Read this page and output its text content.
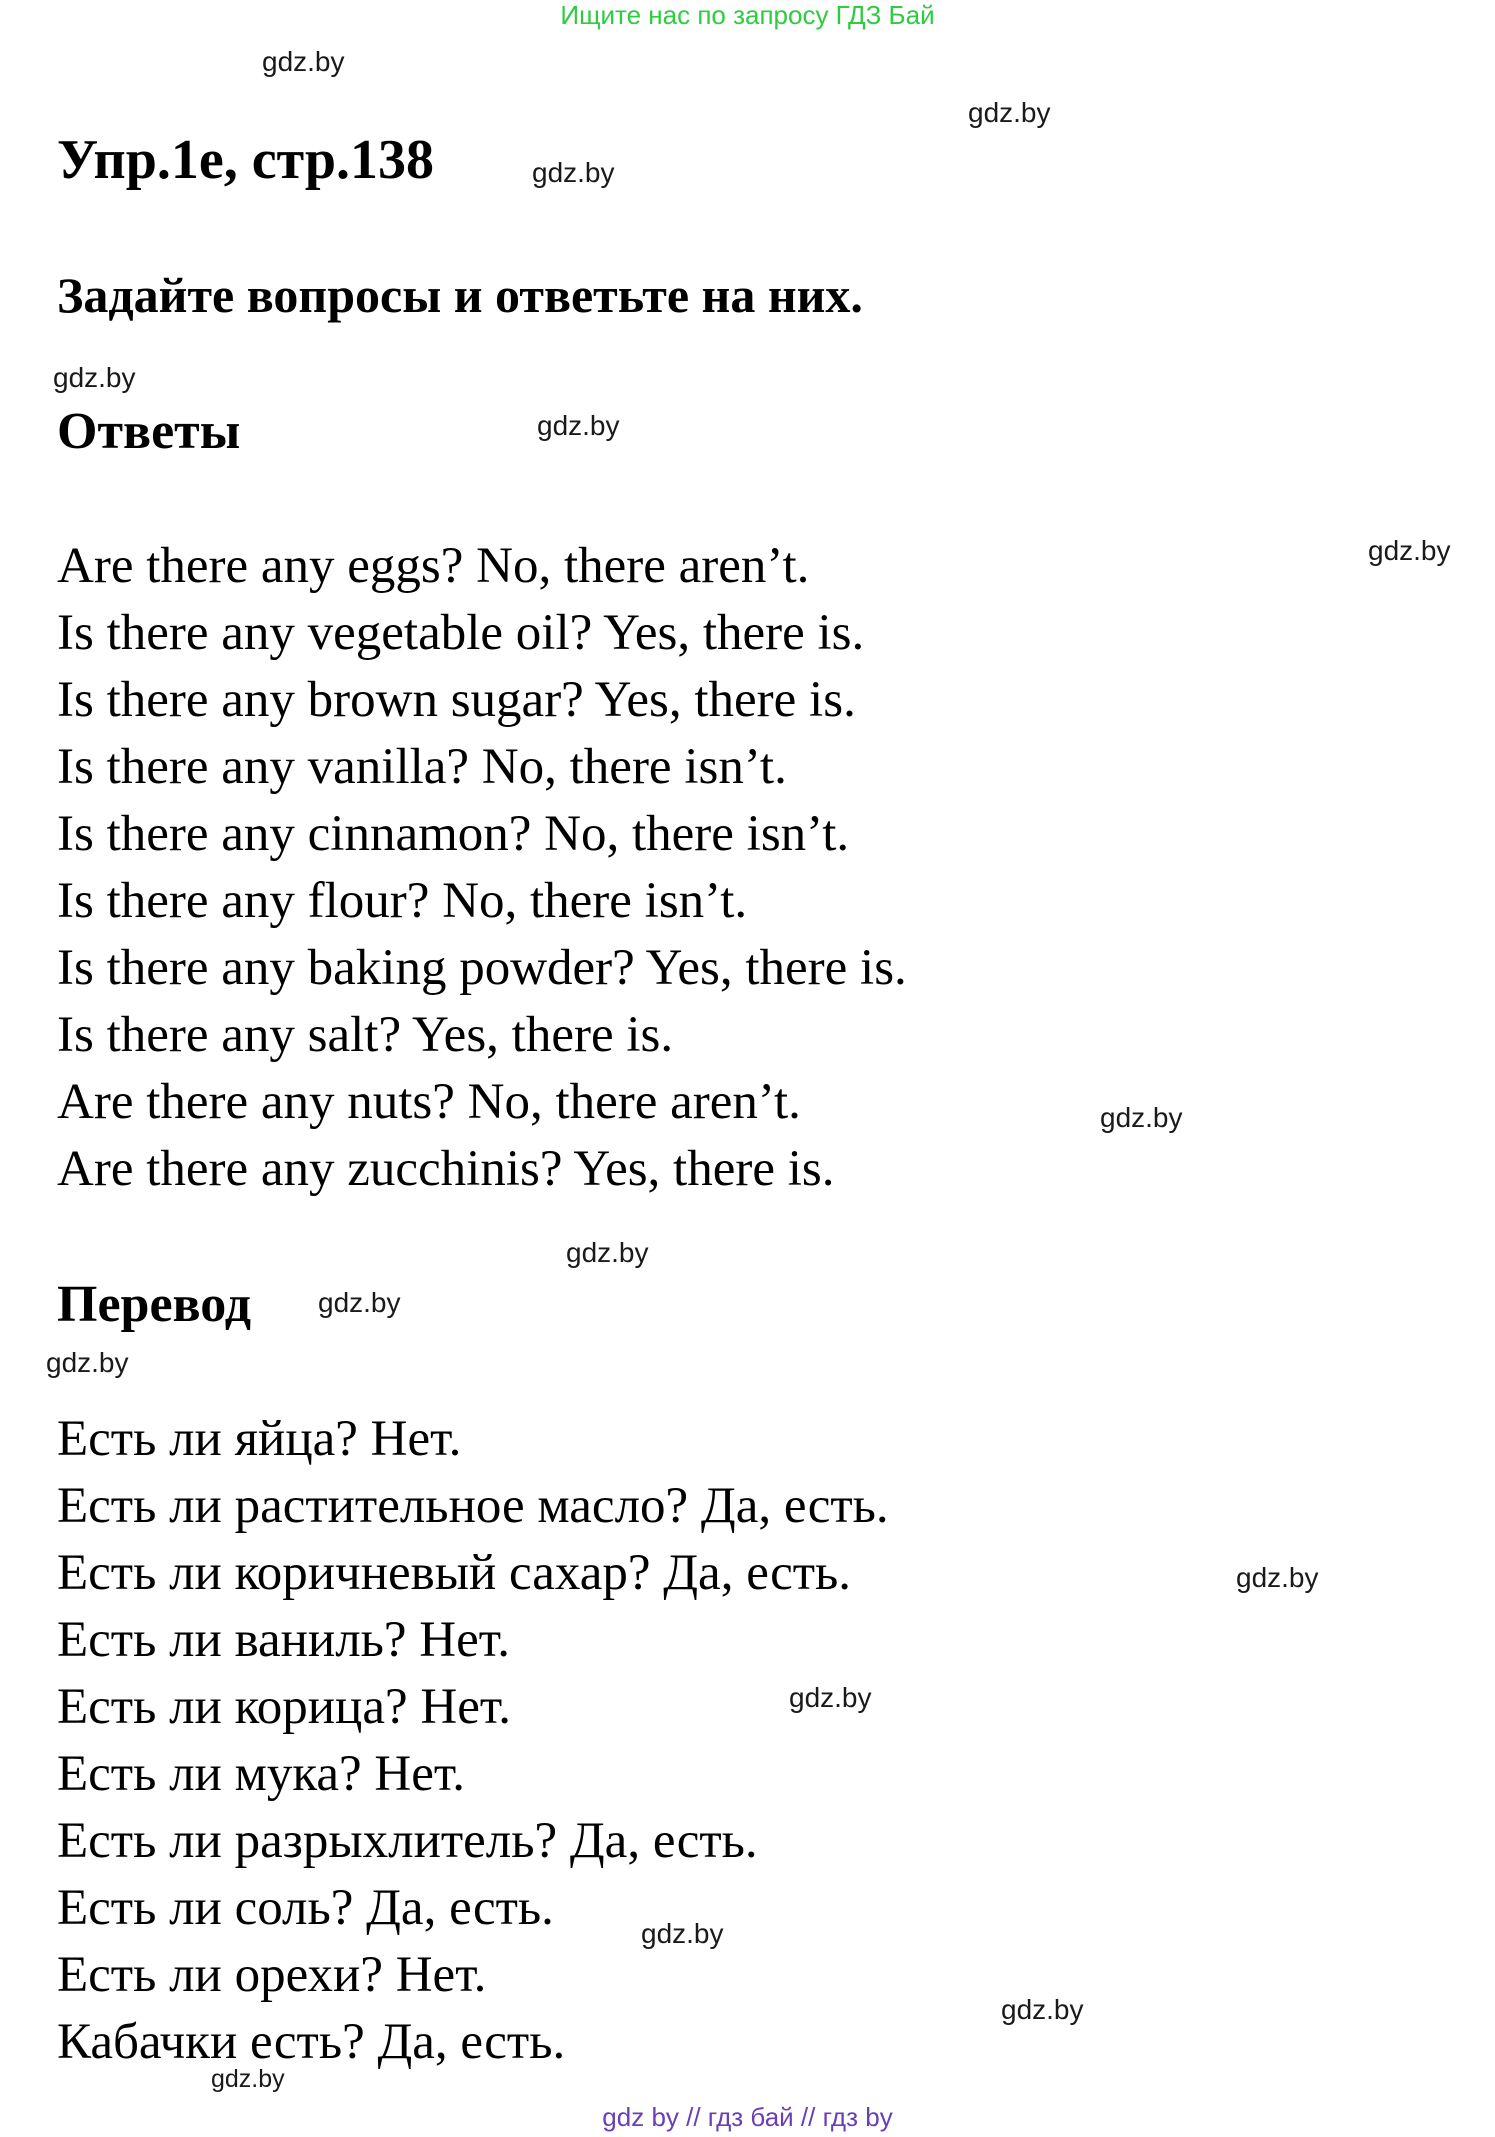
Ищите нас по запросу ГДЗ Бай
Упр.1е, стр.138
Задайте вопросы и ответьте на них.
Ответы
Are there any eggs? No, there aren’t.
Is there any vegetable oil? Yes, there is.
Is there any brown sugar? Yes, there is.
Is there any vanilla? No, there isn’t.
Is there any cinnamon? No, there isn’t.
Is there any flour? No, there isn’t.
Is there any baking powder? Yes, there is.
Is there any salt? Yes, there is.
Are there any nuts? No, there aren’t.
Are there any zucchinis? Yes, there is.
Перевод
Есть ли яйца? Нет.
Есть ли растительное масло? Да, есть.
Есть ли коричневый сахар? Да, есть.
Есть ли ваниль? Нет.
Есть ли корица? Нет.
Есть ли мука? Нет.
Есть ли разрыхлитель? Да, есть.
Есть ли соль? Да, есть.
Есть ли орехи? Нет.
Кабачки есть? Да, есть.
gdz.by
gdz.by
gdz.by
gdz.by
gdz.by
gdz.by
gdz.by
gdz.by
gdz.by
gdz.by
gdz.by
gdz.by
gdz.by
gdz.by
gdz.by
gdz by // гдз бай // гдз by
